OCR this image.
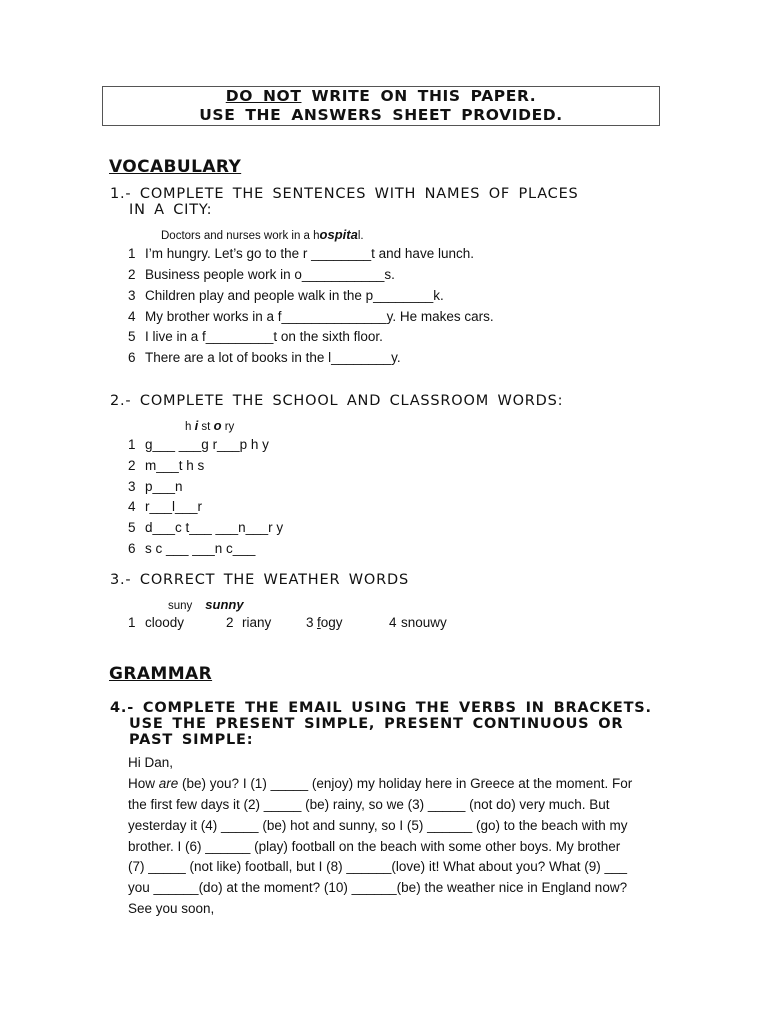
DO NOT WRITE ON THIS PAPER.
USE THE ANSWERS SHEET PROVIDED.
VOCABULARY
1.- COMPLETE THE SENTENCES WITH NAMES OF PLACES
IN A CITY:
Doctors and nurses work in a hospital.
1 I’m hungry. Let’s go to the r ________t and have lunch.
2 Business people work in o___________s.
3 Children play and people walk in the p________k.
4 My brother works in a f______________y. He makes cars.
5 I live in a f_________t on the sixth floor.
6 There are a lot of books in the l________y.
2.- COMPLETE THE SCHOOL AND CLASSROOM WORDS:
h i st o ry
1 g___ ___g r___p h y
2 m___t h s
3 p___n
4 r___l___r
5 d___c t___ ___n___r y
6 s c ___ ___n c___
3.- CORRECT THE WEATHER WORDS
suny sunny
1 cloody	2 riany	3 fogy	4 snouwy
GRAMMAR
4.- COMPLETE THE EMAIL USING THE VERBS IN BRACKETS.
USE THE PRESENT SIMPLE, PRESENT CONTINUOUS OR
PAST SIMPLE:
Hi Dan,
How are (be) you? I (1) _____ (enjoy) my holiday here in Greece at the moment. For
the first few days it (2) _____ (be) rainy, so we (3) _____ (not do) very much. But
yesterday it (4) _____ (be) hot and sunny, so I (5) ______ (go) to the beach with my
brother. I (6) ______ (play) football on the beach with some other boys. My brother
(7) _____ (not like) football, but I (8) ______(love) it! What about you? What (9) ___
you ______(do) at the moment? (10) ______(be) the weather nice in England now?
See you soon,
